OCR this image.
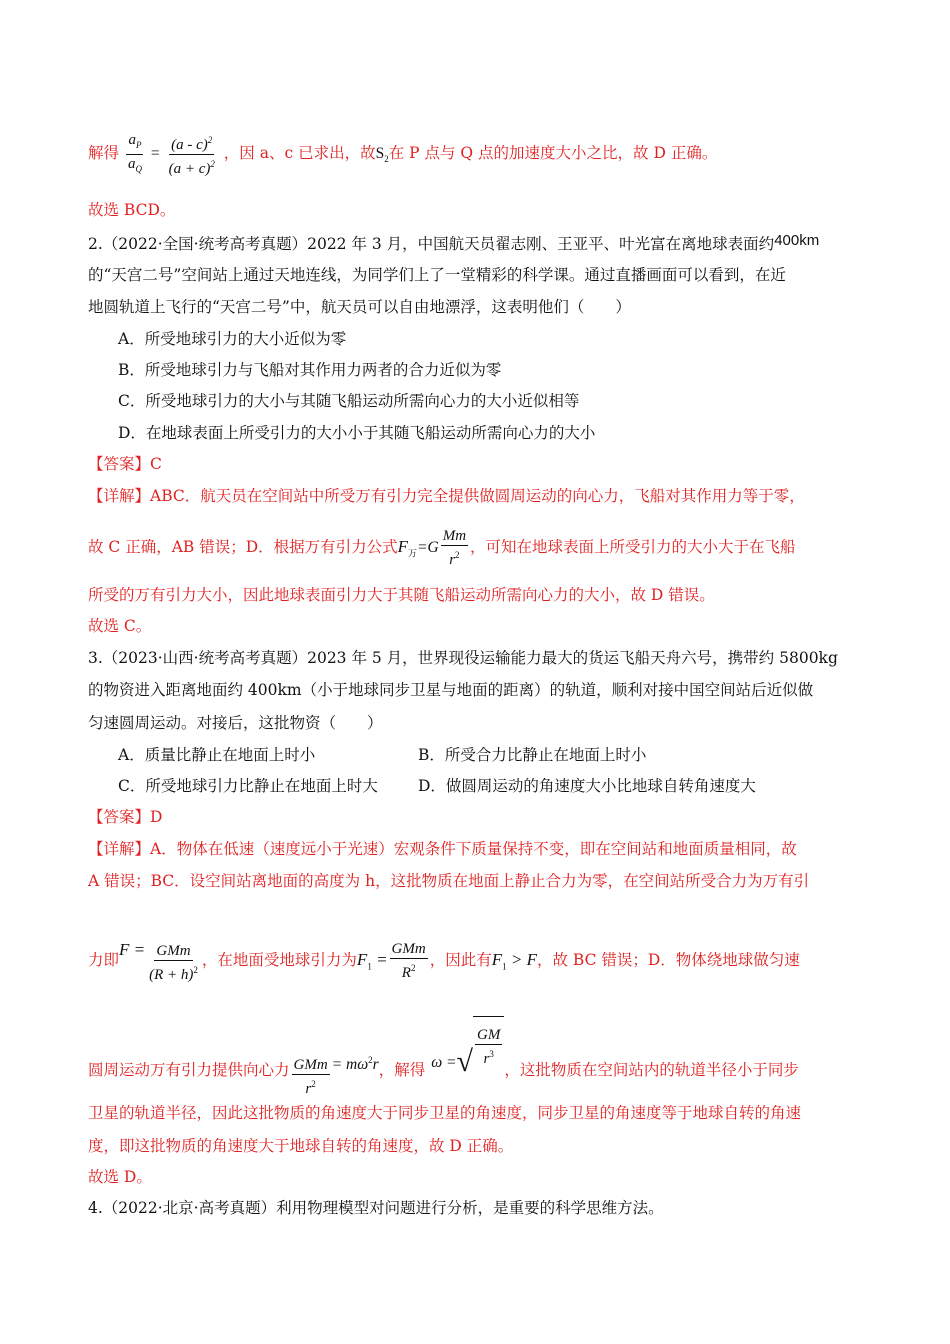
解得 $\frac{a_P}{a_Q} = \frac{(a - c)^2}{(a + c)^2}$ ，因 a、c 已求出，故$S_2$在 P 点与 Q 点的加速度大小之比，故 D 正确。
故选 BCD。
2.（2022·全国·统考高考真题）2022 年 3 月，中国航天员翟志刚、王亚平、叶光富在离地球表面约400km
的“天宫二号”空间站上通过天地连线，为同学们上了一堂精彩的科学课。通过直播画面可以看到，在近
地圆轨道上飞行的“天宫二号”中，航天员可以自由地漂浮，这表明他们（　　）
A．所受地球引力的大小近似为零
B．所受地球引力与飞船对其作用力两者的合力近似为零
C．所受地球引力的大小与其随飞船运动所需向心力的大小近似相等
D．在地球表面上所受引力的大小小于其随飞船运动所需向心力的大小
【答案】C
【详解】ABC．航天员在空间站中所受万有引力完全提供做圆周运动的向心力，飞船对其作用力等于零，
故 C 正确，AB 错误；D．根据万有引力公式$F_万=G \frac{Mm}{r^2}$ ，可知在地球表面上所受引力的大小大于在飞船
所受的万有引力大小，因此地球表面引力大于其随飞船运动所需向心力的大小，故 D 错误。
故选 C。
3.（2023·山西·统考高考真题）2023 年 5 月，世界现役运输能力最大的货运飞船天舟六号，携带约 5800kg
的物资进入距离地面约 400km（小于地球同步卫星与地面的距离）的轨道，顺利对接中国空间站后近似做
匀速圆周运动。对接后，这批物资（　　）
A．质量比静止在地面上时小	B．所受合力比静止在地面上时小
C．所受地球引力比静止在地面上时大	D．做圆周运动的角速度大小比地球自转角速度大
【答案】D
【详解】A．物体在低速（速度远小于光速）宏观条件下质量保持不变，即在空间站和地面质量相同，故
A 错误；BC．设空间站离地面的高度为 h，这批物质在地面上静止合力为零，在空间站所受合力为万有引
力即$F = \frac{\text{GMm}}{(R + h)^2}$ ，在地面受地球引力为$F_1 = \frac{\text{GMm}}{R^2}$ ，因此有$F_1 > F$，故 BC 错误；D．物体绕地球做匀速
圆周运动万有引力提供向心力 $\frac{\text{GMm}}{r^2} = m\omega^2r$，解得 ω = √ $\frac{GM}{r^3}$
，这批物质在空间站内的轨道半径小于同步
卫星的轨道半径，因此这批物质的角速度大于同步卫星的角速度，同步卫星的角速度等于地球自转的角速
度，即这批物质的角速度大于地球自转的角速度，故 D 正确。
故选 D。
4.（2022·北京·高考真题）利用物理模型对问题进行分析，是重要的科学思维方法。
